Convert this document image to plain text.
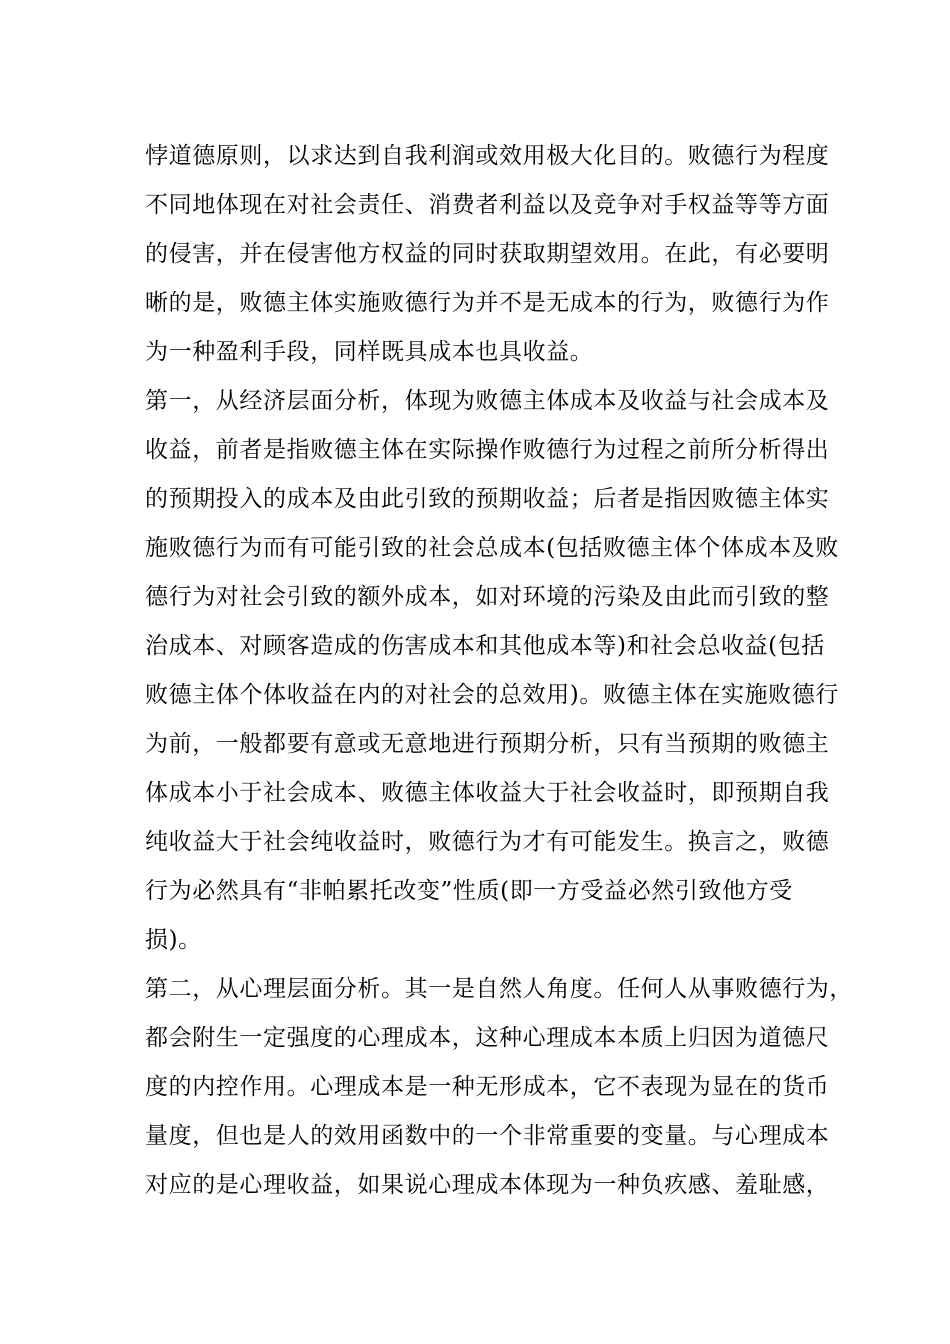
悖道德原则，以求达到自我利润或效用极大化目的。败德行为程度
不同地体现在对社会责任、消费者利益以及竞争对手权益等等方面
的侵害，并在侵害他方权益的同时获取期望效用。在此，有必要明
晰的是，败德主体实施败德行为并不是无成本的行为，败德行为作
为一种盈利手段，同样既具成本也具收益。
第一，从经济层面分析，体现为败德主体成本及收益与社会成本及
收益，前者是指败德主体在实际操作败德行为过程之前所分析得出
的预期投入的成本及由此引致的预期收益；后者是指因败德主体实
施败德行为而有可能引致的社会总成本(包括败德主体个体成本及败
德行为对社会引致的额外成本，如对环境的污染及由此而引致的整
治成本、对顾客造成的伤害成本和其他成本等)和社会总收益(包括
败德主体个体收益在内的对社会的总效用)。败德主体在实施败德行
为前，一般都要有意或无意地进行预期分析，只有当预期的败德主
体成本小于社会成本、败德主体收益大于社会收益时，即预期自我
纯收益大于社会纯收益时，败德行为才有可能发生。换言之，败德
行为必然具有“非帕累托改变”性质(即一方受益必然引致他方受
损)。
第二，从心理层面分析。其一是自然人角度。任何人从事败德行为，
都会附生一定强度的心理成本，这种心理成本本质上归因为道德尺
度的内控作用。心理成本是一种无形成本，它不表现为显在的货币
量度，但也是人的效用函数中的一个非常重要的变量。与心理成本
对应的是心理收益，如果说心理成本体现为一种负疚感、羞耻感，
